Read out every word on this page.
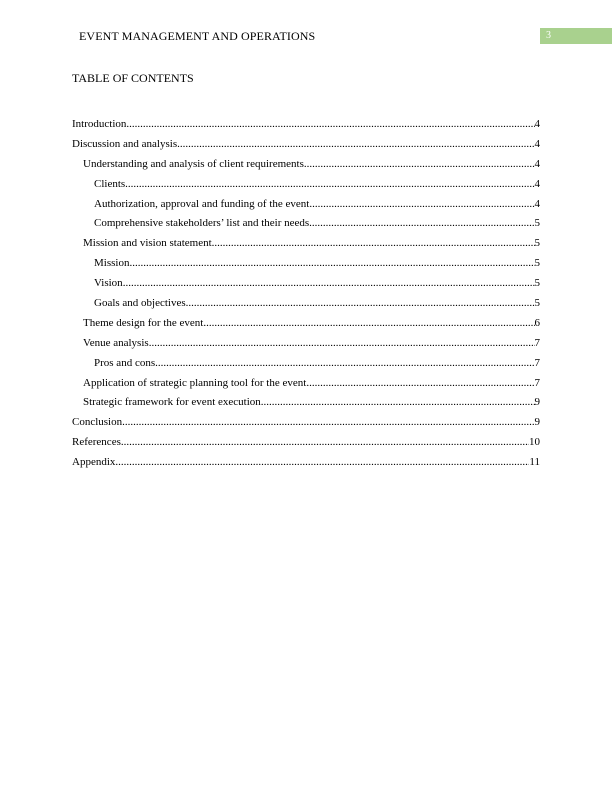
EVENT MANAGEMENT AND OPERATIONS	3
TABLE OF CONTENTS
Introduction .....	4
Discussion and analysis .....	4
Understanding and analysis of client requirements .....	4
Clients .....	4
Authorization, approval and funding of the event .....	4
Comprehensive stakeholders’ list and their needs .....	5
Mission and vision statement .....	5
Mission .....	5
Vision .....	5
Goals and objectives .....	5
Theme design for the event .....	6
Venue analysis .....	7
Pros and cons .....	7
Application of strategic planning tool for the event .....	7
Strategic framework for event execution .....	9
Conclusion .....	9
References .....	10
Appendix .....	11
